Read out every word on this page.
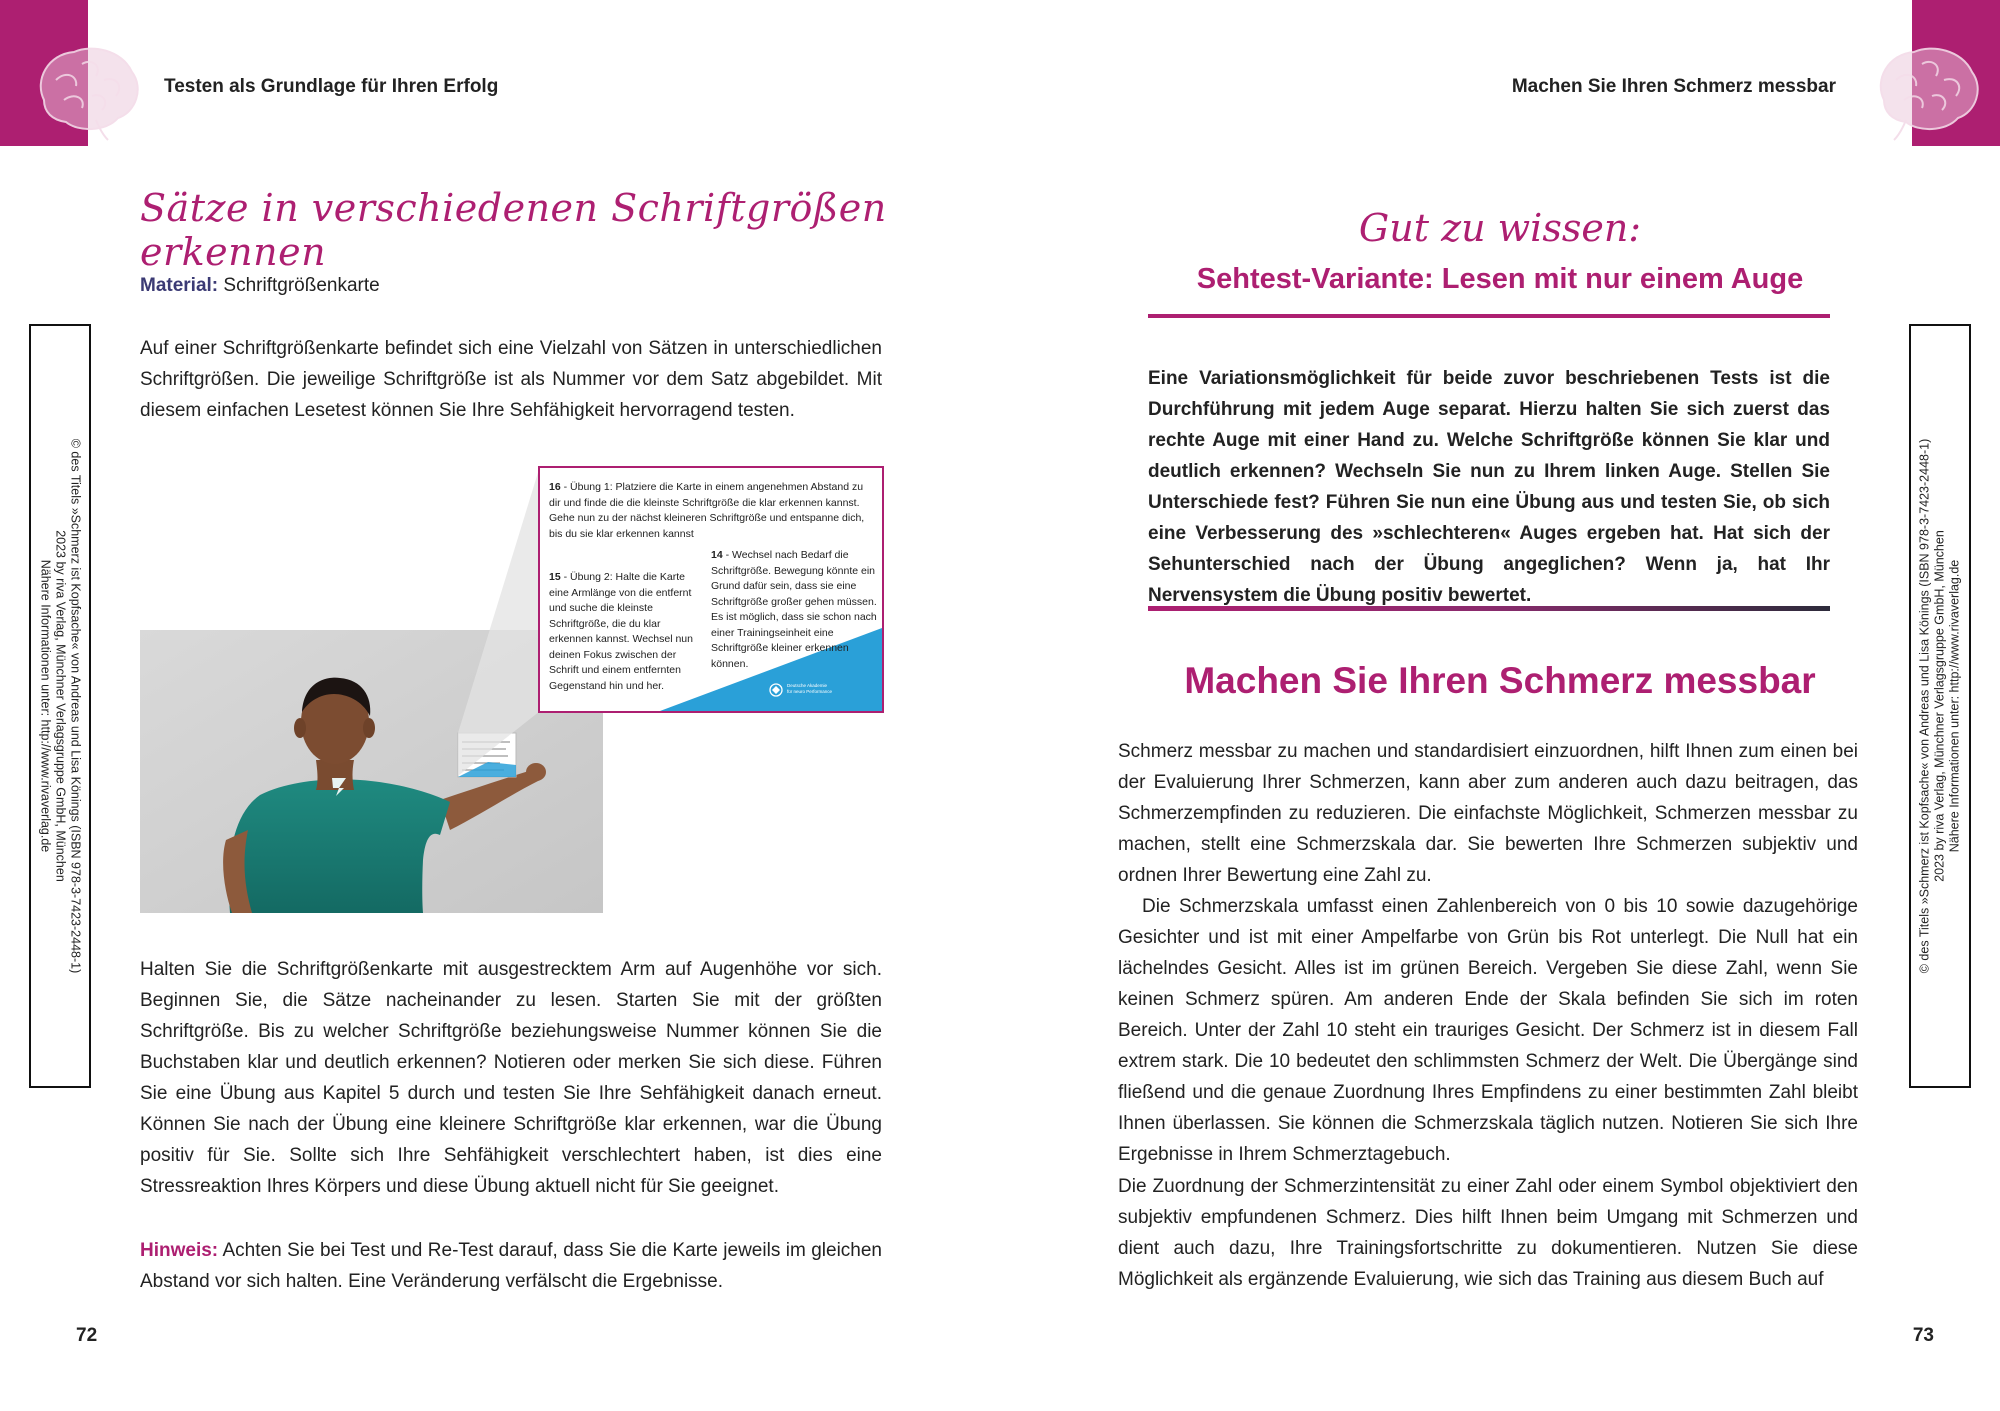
Testen als Grundlage für Ihren Erfolg
© des Titels »Schmerz ist Kopfsache« von Andreas und Lisa Könings (ISBN 978-3-7423-2448-1)
2023 by riva Verlag, Münchner Verlagsgruppe GmbH, München
Nähere Informationen unter: http://www.rivaverlag.de
Sätze in verschiedenen Schriftgrößen erkennen

Material: Schriftgrößenkarte

Auf einer Schriftgrößenkarte befindet sich eine Vielzahl von Sätzen in unterschiedlichen Schriftgrößen. Die jeweilige Schriftgröße ist als Nummer vor dem Satz abgebildet. Mit diesem einfachen Lesetest können Sie Ihre Sehfähigkeit hervorragend testen.

16 - Übung 1: Platziere die Karte in einem angenehmen Abstand zu dir und finde die die kleinste Schriftgröße die klar erkennen kannst. Gehe nun zu der nächst kleineren Schriftgröße und entspanne dich, bis du sie klar erkennen kannst
15 - Übung 2: Halte die Karte eine Armlänge von die entfernt und suche die kleinste Schriftgröße, die du klar erkennen kannst. Wechsel nun deinen Fokus zwischen der Schrift und einem entfernten Gegenstand hin und her.
14 - Wechsel nach Bedarf die Schriftgröße. Bewegung könnte ein Grund dafür sein, dass sie eine Schriftgröße großer gehen müssen. Es ist möglich, dass sie schon nach einer Trainingseinheit eine Schriftgröße kleiner erkennen können.
Deutsche Akademie
für neuro Performance

Halten Sie die Schriftgrößenkarte mit ausgestrecktem Arm auf Augenhöhe vor sich. Beginnen Sie, die Sätze nacheinander zu lesen. Starten Sie mit der größten Schriftgröße. Bis zu welcher Schriftgröße beziehungsweise Nummer können Sie die Buchstaben klar und deutlich erkennen? Notieren oder merken Sie sich diese. Führen Sie eine Übung aus Kapitel 5 durch und testen Sie Ihre Sehfähigkeit danach erneut. Können Sie nach der Übung eine kleinere Schriftgröße klar erkennen, war die Übung positiv für Sie. Sollte sich Ihre Sehfähigkeit verschlechtert haben, ist dies eine Stressreaktion Ihres Körpers und diese Übung aktuell nicht für Sie geeignet.

Hinweis: Achten Sie bei Test und Re-Test darauf, dass Sie die Karte jeweils im gleichen Abstand vor sich halten. Eine Veränderung verfälscht die Ergebnisse.

72
Machen Sie Ihren Schmerz messbar
© des Titels »Schmerz ist Kopfsache« von Andreas und Lisa Könings (ISBN 978-3-7423-2448-1) 2023 by riva Verlag, Münchner Verlagsgruppe GmbH, München Nähere Informationen unter: http://www.rivaverlag.de
Gut zu wissen:
Sehtest-Variante: Lesen mit nur einem Auge

Eine Variationsmöglichkeit für beide zuvor beschriebenen Tests ist die Durchführung mit jedem Auge separat. Hierzu halten Sie sich zuerst das rechte Auge mit einer Hand zu. Welche Schriftgröße können Sie klar und deutlich erkennen? Wechseln Sie nun zu Ihrem linken Auge. Stellen Sie Unterschiede fest? Führen Sie nun eine Übung aus und testen Sie, ob sich eine Verbesserung des »schlechteren« Auges ergeben hat. Hat sich der Sehunterschied nach der Übung angeglichen? Wenn ja, hat Ihr Nervensystem die Übung positiv bewertet.

Machen Sie Ihren Schmerz messbar

Schmerz messbar zu machen und standardisiert einzuordnen, hilft Ihnen zum einen bei der Evaluierung Ihrer Schmerzen, kann aber zum anderen auch dazu beitragen, das Schmerzempfinden zu reduzieren. Die einfachste Möglichkeit, Schmerzen messbar zu machen, stellt eine Schmerzskala dar. Sie bewerten Ihre Schmerzen subjektiv und ordnen Ihrer Bewertung eine Zahl zu.

Die Schmerzskala umfasst einen Zahlenbereich von 0 bis 10 sowie dazugehörige Gesichter und ist mit einer Ampelfarbe von Grün bis Rot unterlegt. Die Null hat ein lächelndes Gesicht. Alles ist im grünen Bereich. Vergeben Sie diese Zahl, wenn Sie keinen Schmerz spüren. Am anderen Ende der Skala befinden Sie sich im roten Bereich. Unter der Zahl 10 steht ein trauriges Gesicht. Der Schmerz ist in diesem Fall extrem stark. Die 10 bedeutet den schlimmsten Schmerz der Welt. Die Übergänge sind fließend und die genaue Zuordnung Ihres Empfindens zu einer bestimmten Zahl bleibt Ihnen überlassen. Sie können die Schmerzskala täglich nutzen. Notieren Sie sich Ihre Ergebnisse in Ihrem Schmerztagebuch.

Die Zuordnung der Schmerzintensität zu einer Zahl oder einem Symbol objektiviert den subjektiv empfundenen Schmerz. Dies hilft Ihnen beim Umgang mit Schmerzen und dient auch dazu, Ihre Trainingsfortschritte zu dokumentieren. Nutzen Sie diese Möglichkeit als ergänzende Evaluierung, wie sich das Training aus diesem Buch auf

73
